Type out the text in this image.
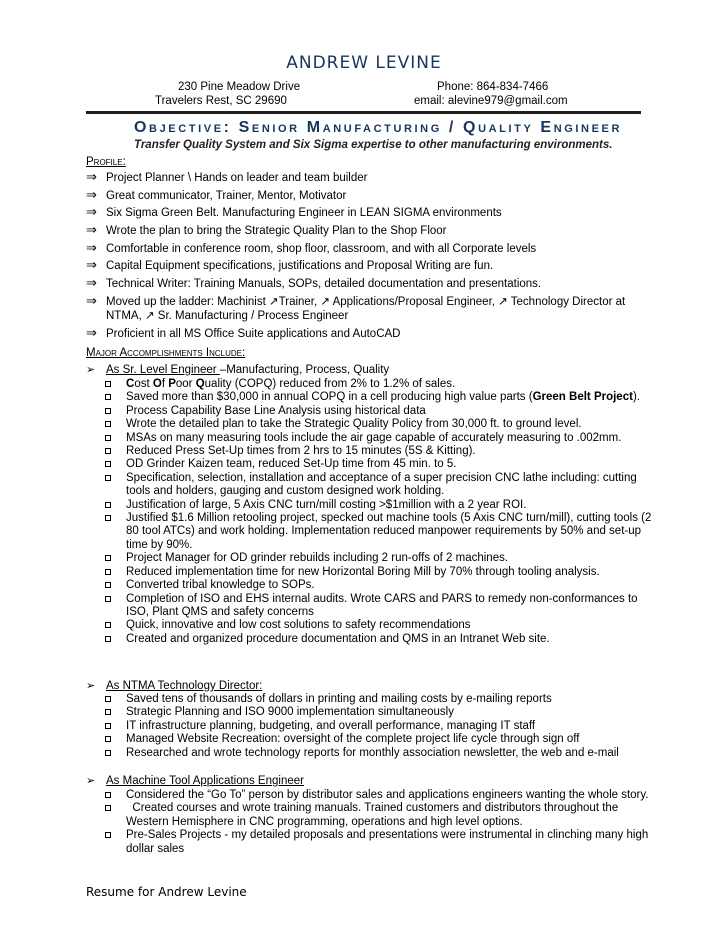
ANDREW LEVINE
230 Pine Meadow Drive
Travelers Rest, SC 29690
Phone: 864-834-7466
email: alevine979@gmail.com
Objective: Senior Manufacturing / Quality Engineer
Transfer Quality System and Six Sigma expertise to other manufacturing environments.
Profile:
⇒ Project Planner \ Hands on leader and team builder
⇒ Great communicator, Trainer, Mentor, Motivator
⇒ Six Sigma Green Belt. Manufacturing Engineer in LEAN SIGMA environments
⇒ Wrote the plan to bring the Strategic Quality Plan to the Shop Floor
⇒ Comfortable in conference room, shop floor, classroom, and with all Corporate levels
⇒ Capital Equipment specifications, justifications and Proposal Writing are fun.
⇒ Technical Writer: Training Manuals, SOPs, detailed documentation and presentations.
⇒ Moved up the ladder: Machinist ↗Trainer, ↗ Applications/Proposal Engineer, ↗ Technology Director at NTMA, ↗ Sr. Manufacturing / Process Engineer
⇒ Proficient in all MS Office Suite applications and AutoCAD
Major Accomplishments Include:
➢ As Sr. Level Engineer –Manufacturing, Process, Quality
Cost Of Poor Quality (COPQ) reduced from 2% to 1.2% of sales.
Saved more than $30,000 in annual COPQ in a cell producing high value parts (Green Belt Project).
Process Capability Base Line Analysis using historical data
Wrote the detailed plan to take the Strategic Quality Policy from 30,000 ft. to ground level.
MSAs on many measuring tools include the air gage capable of accurately measuring to .002mm.
Reduced Press Set-Up times from 2 hrs to 15 minutes (5S & Kitting).
OD Grinder Kaizen team, reduced Set-Up time from 45 min. to 5.
Specification, selection, installation and acceptance of a super precision CNC lathe including: cutting tools and holders, gauging and custom designed work holding.
Justification of large, 5 Axis CNC turn/mill costing >$1million with a 2 year ROI.
Justified $1.6 Million retooling project, specked out machine tools (5 Axis CNC turn/mill), cutting tools (2 80 tool ATCs) and work holding. Implementation reduced manpower requirements by 50% and set-up time by 90%.
Project Manager for OD grinder rebuilds including 2 run-offs of 2 machines.
Reduced implementation time for new Horizontal Boring Mill by 70% through tooling analysis.
Converted tribal knowledge to SOPs.
Completion of ISO and EHS internal audits. Wrote CARS and PARS to remedy non-conformances to ISO, Plant QMS and safety concerns
Quick, innovative and low cost solutions to safety recommendations
Created and organized procedure documentation and QMS in an Intranet Web site.
➢ As NTMA Technology Director:
Saved tens of thousands of dollars in printing and mailing costs by e-mailing reports
Strategic Planning and ISO 9000 implementation simultaneously
IT infrastructure planning, budgeting, and overall performance, managing IT staff
Managed Website Recreation: oversight of the complete project life cycle through sign off
Researched and wrote technology reports for monthly association newsletter, the web and e-mail
➢ As Machine Tool Applications Engineer
Considered the “Go To” person by distributor sales and applications engineers wanting the whole story.
Created courses and wrote training manuals. Trained customers and distributors throughout the Western Hemisphere in CNC programming, operations and high level options.
Pre-Sales Projects - my detailed proposals and presentations were instrumental in clinching many high dollar sales
Resume for Andrew Levine
